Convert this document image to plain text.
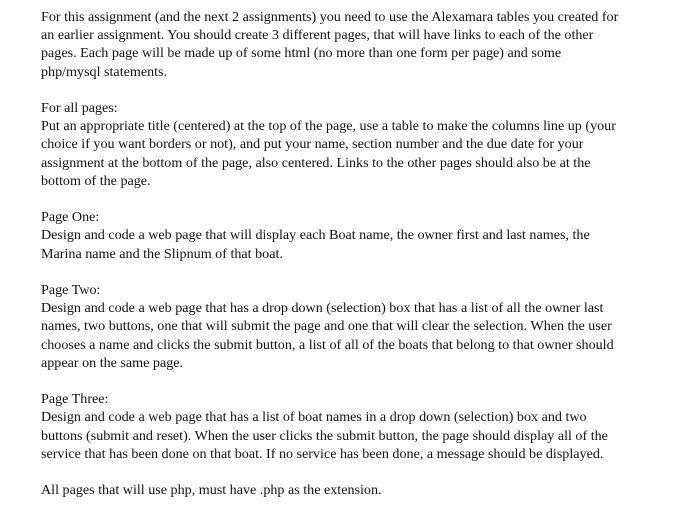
For this assignment (and the next 2 assignments) you need to use the Alexamara tables you created for
an earlier assignment. You should create 3 different pages, that will have links to each of the other
pages. Each page will be made up of some html (no more than one form per page) and some
php/mysql statements.

For all pages:
Put an appropriate title (centered) at the top of the page, use a table to make the columns line up (your
choice if you want borders or not), and put your name, section number and the due date for your
assignment at the bottom of the page, also centered. Links to the other pages should also be at the
bottom of the page.

Page One:
Design and code a web page that will display each Boat name, the owner first and last names, the
Marina name and the Slipnum of that boat.

Page Two:
Design and code a web page that has a drop down (selection) box that has a list of all the owner last
names, two buttons, one that will submit the page and one that will clear the selection. When the user
chooses a name and clicks the submit button, a list of all of the boats that belong to that owner should
appear on the same page.

Page Three:
Design and code a web page that has a list of boat names in a drop down (selection) box and two
buttons (submit and reset). When the user clicks the submit button, the page should display all of the
service that has been done on that boat. If no service has been done, a message should be displayed.

All pages that will use php, must have .php as the extension.
